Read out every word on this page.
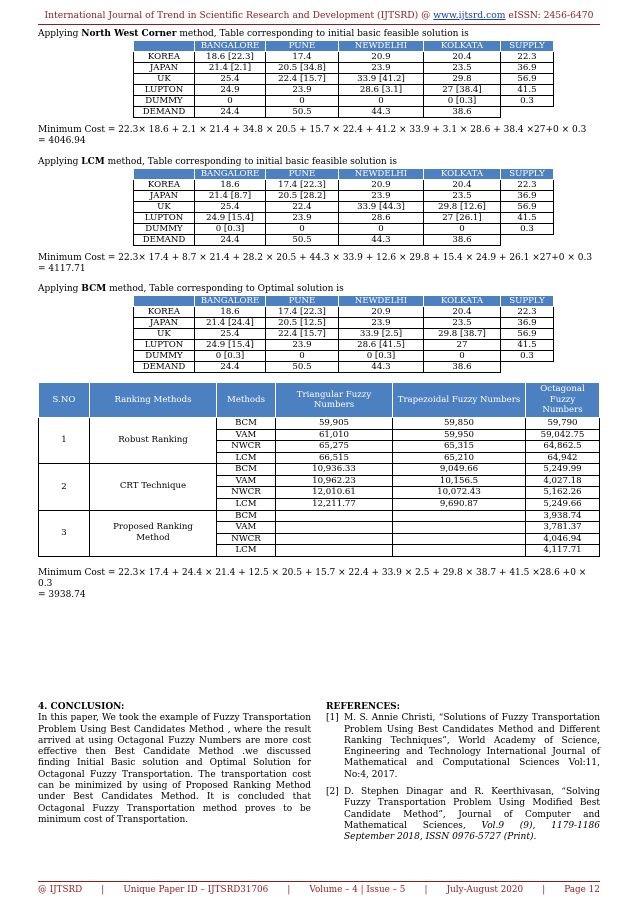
International Journal of Trend in Scientific Research and Development (IJTSRD) @ www.ijtsrd.com eISSN: 2456-6470

Applying North West Corner method, Table corresponding to initial basic feasible solution is

	BANGALORE	PUNE	NEWDELHI	KOLKATA	SUPPLY
KOREA	18.6 [22.3]	17.4	20.9	20.4	22.3
JAPAN	21.4 [2.1]	20.5 [34.8]	23.9	23.5	36.9
UK	25.4	22.4 [15.7]	33.9 [41.2]	29.8	56.9
LUPTON	24.9	23.9	28.6 [3.1]	27 [38.4]	41.5
DUMMY	0	0	0	0 [0.3]	0.3
DEMAND	24.4	50.5	44.3	38.6	

Minimum Cost = 22.3× 18.6 + 2.1 × 21.4 + 34.8 × 20.5 + 15.7 × 22.4 + 41.2 × 33.9 + 3.1 × 28.6 + 38.4 ×27+0 × 0.3
= 4046.94

Applying LCM method, Table corresponding to initial basic feasible solution is

	BANGALORE	PUNE	NEWDELHI	KOLKATA	SUPPLY
KOREA	18.6	17.4 [22.3]	20.9	20.4	22.3
JAPAN	21.4 [8.7]	20.5 [28.2]	23.9	23.5	36.9
UK	25.4	22.4	33.9 [44.3]	29.8 [12.6]	56.9
LUPTON	24.9 [15.4]	23.9	28.6	27 [26.1]	41.5
DUMMY	0 [0.3]	0	0	0	0.3
DEMAND	24.4	50.5	44.3	38.6	

Minimum Cost = 22.3× 17.4 + 8.7 × 21.4 + 28.2 × 20.5 + 44.3 × 33.9 + 12.6 × 29.8 + 15.4 × 24.9 + 26.1 ×27+0 × 0.3
= 4117.71

Applying BCM method, Table corresponding to Optimal solution is

	BANGALORE	PUNE	NEWDELHI	KOLKATA	SUPPLY
KOREA	18.6	17.4 [22.3]	20.9	20.4	22.3
JAPAN	21.4 [24.4]	20.5 [12.5]	23.9	23.5	36.9
UK	25.4	22.4 [15.7]	33.9 [2.5]	29.8 [38.7]	56.9
LUPTON	24.9 [15.4]	23.9	28.6 [41.5]	27	41.5
DUMMY	0 [0.3]	0	0 [0.3]	0	0.3
DEMAND	24.4	50.5	44.3	38.6	
S.NO	Ranking Methods	Methods	Triangular Fuzzy Numbers	Trapezoidal Fuzzy Numbers	Octagonal Fuzzy Numbers
1	Robust Ranking	BCM	59,905	59,850	59,790
		VAM	61,010	59,950	59,042.75
		NWCR	65,275	65,315	64,862.5
		LCM	66,515	65,210	64,942
2	CRT Technique	BCM	10,936.33	9,049.66	5,249.99
		VAM	10,962.23	10,156.5	4,027.18
		NWCR	12,010.61	10,072.43	5,162.26
		LCM	12,211.77	9,690.87	5,249.66
3	Proposed Ranking Method	BCM			3,938.74
		VAM			3,781.37
		NWCR			4,046.94
		LCM			4,117.71

Minimum Cost = 22.3× 17.4 + 24.4 × 21.4 + 12.5 × 20.5 + 15.7 × 22.4 + 33.9 × 2.5 + 29.8 × 38.7 + 41.5 ×28.6 +0 × 0.3
= 3938.74

4. CONCLUSION:
In this paper, We took the example of Fuzzy Transportation Problem Using Best Candidates Method , where the result arrived at using Octagonal Fuzzy Numbers are more cost effective then Best Candidate Method .we discussed finding Initial Basic solution and Optimal Solution for Octagonal Fuzzy Transportation. The transportation cost can be minimized by using of Proposed Ranking Method under Best Candidates Method. It is concluded that Octagonal Fuzzy Transportation method proves to be minimum cost of Transportation.
REFERENCES:
[1] M. S. Annie Christi, “Solutions of Fuzzy Transportation Problem Using Best Candidates Method and Different Ranking Techniques”, World Academy of Science, Engineering and Technology International Journal of Mathematical and Computational Sciences Vol:11, No:4, 2017.
[2] D. Stephen Dinagar and R. Keerthivasan, “Solving Fuzzy Transportation Problem Using Modified Best Candidate Method”, Journal of Computer and Mathematical Sciences, Vol.9 (9), 1179-1186 September 2018, ISSN 0976-5727 (Print).
@ IJTSRD | Unique Paper ID – IJTSRD31706 | Volume – 4 | Issue – 5 | July-August 2020 | Page 12
